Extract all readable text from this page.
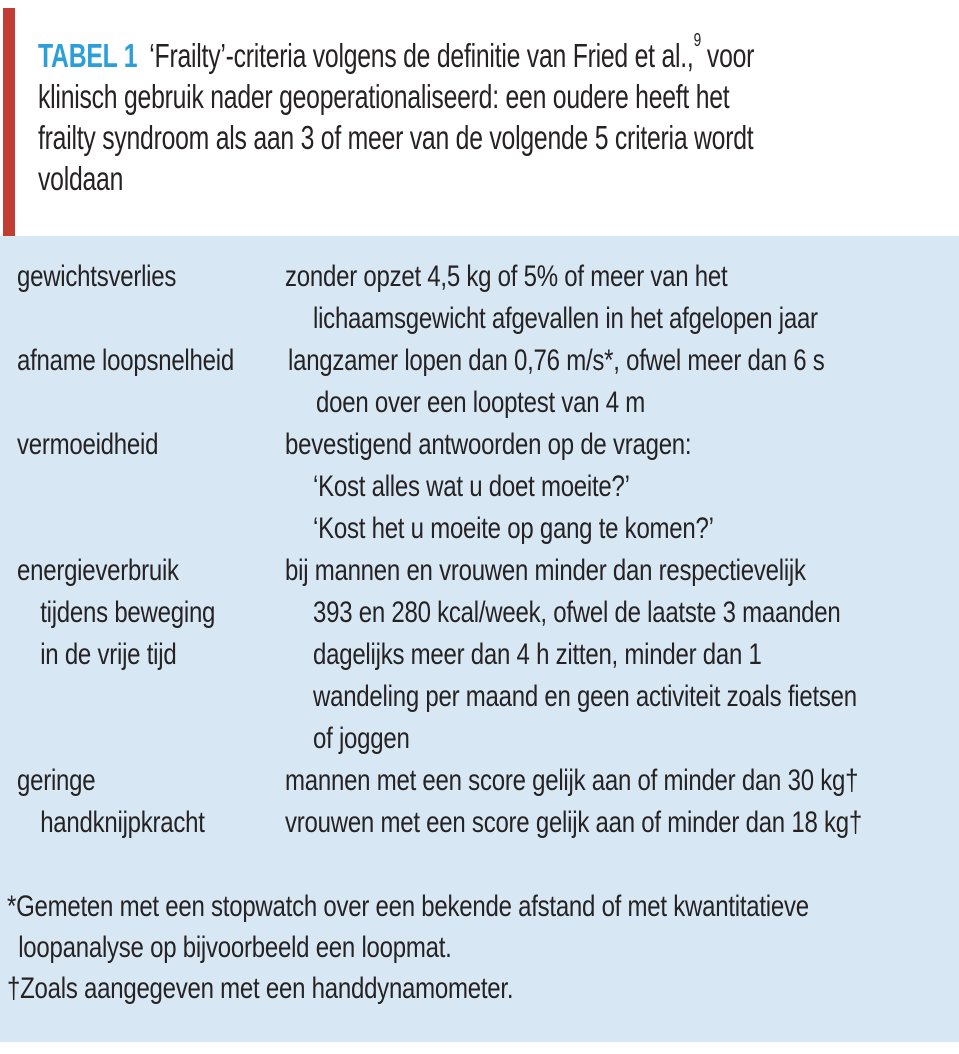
TABEL 1 ‘Frailty’-criteria volgens de definitie van Fried et al.,$^9$ voor
klinisch gebruik nader geoperationaliseerd: een oudere heeft het
frailty syndroom als aan 3 of meer van de volgende 5 criteria wordt
voldaan
gewichtsverlies	zonder opzet 4,5 kg of 5% of meer van het
lichaamsgewicht afgevallen in het afgelopen jaar
afname loopsnelheid langzamer lopen dan 0,76 m/s*, ofwel meer dan 6 s
doen over een looptest van 4 m
vermoeidheid	bevestigend antwoorden op de vragen:
‘Kost alles wat u doet moeite?’
‘Kost het u moeite op gang te komen?’
energieverbruik
tijdens beweging
in de vrije tijd
bij mannen en vrouwen minder dan respectievelijk
393 en 280 kcal/week, ofwel de laatste 3 maanden
dagelijks meer dan 4 h zitten, minder dan 1
wandeling per maand en geen activiteit zoals fietsen
of joggen
geringe
handknijpkracht
mannen met een score gelijk aan of minder dan 30 kg†
vrouwen met een score gelijk aan of minder dan 18 kg†
*Gemeten met een stopwatch over een bekende afstand of met kwantitatieve
loopanalyse op bijvoorbeeld een loopmat.
†Zoals aangegeven met een handdynamometer.
